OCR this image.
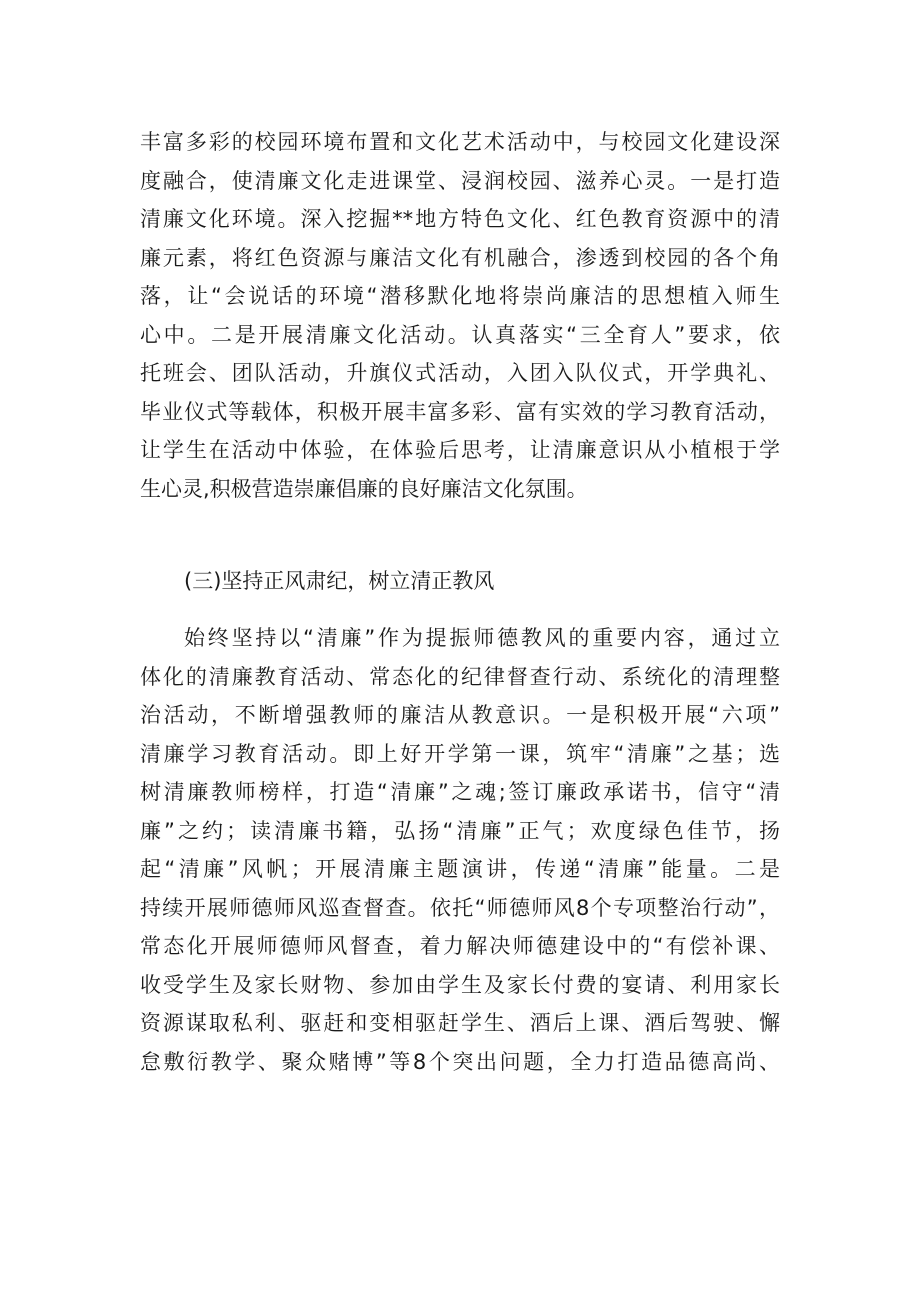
丰富多彩的校园环境布置和文化艺术活动中，与校园文化建设深
度融合，使清廉文化走进课堂、浸润校园、滋养心灵。一是打造
清廉文化环境。深入挖掘**地方特色文化、红色教育资源中的清
廉元素，将红色资源与廉洁文化有机融合，渗透到校园的各个角
落，让“会说话的环境“潜移默化地将崇尚廉洁的思想植入师生
心中。二是开展清廉文化活动。认真落实“三全育人”要求，依
托班会、团队活动，升旗仪式活动，入团入队仪式，开学典礼、
毕业仪式等载体，积极开展丰富多彩、富有实效的学习教育活动，
让学生在活动中体验，在体验后思考，让清廉意识从小植根于学
生心灵,积极营造崇廉倡廉的良好廉洁文化氛围。
(三)坚持正风肃纪，树立清正教风
始终坚持以“清廉”作为提振师德教风的重要内容，通过立
体化的清廉教育活动、常态化的纪律督查行动、系统化的清理整
治活动，不断增强教师的廉洁从教意识。一是积极开展“六项”
清廉学习教育活动。即上好开学第一课，筑牢“清廉”之基；选
树清廉教师榜样，打造“清廉”之魂;签订廉政承诺书，信守“清
廉”之约；读清廉书籍，弘扬“清廉”正气；欢度绿色佳节，扬
起“清廉”风帆；开展清廉主题演讲，传递“清廉”能量。二是
持续开展师德师风巡查督查。依托“师德师风8个专项整治行动”，
常态化开展师德师风督查，着力解决师德建设中的“有偿补课、
收受学生及家长财物、参加由学生及家长付费的宴请、利用家长
资源谋取私利、驱赶和变相驱赶学生、酒后上课、酒后驾驶、懈
怠敷衍教学、聚众赌博”等8个突出问题，全力打造品德高尚、
